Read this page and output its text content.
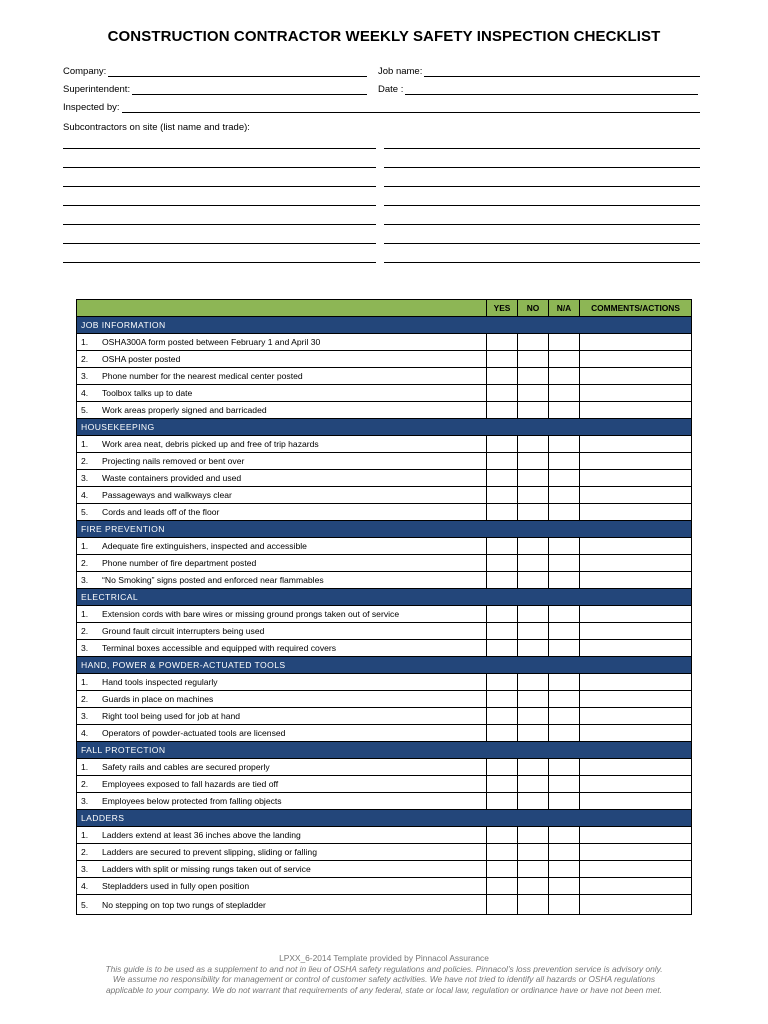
CONSTRUCTION CONTRACTOR WEEKLY SAFETY INSPECTION CHECKLIST
Company:	Job name:
Superintendent:	Date :
Inspected by:
Subcontractors on site (list name and trade):
	YES	NO	N/A	COMMENTS/ACTIONS
JOB INFORMATION				
1. OSHA300A form posted between February 1 and April 30				
2. OSHA poster posted				
3. Phone number for the nearest medical center posted				
4. Toolbox talks up to date				
5. Work areas properly signed and barricaded				
HOUSEKEEPING				
1. Work area neat, debris picked up and free of trip hazards				
2. Projecting nails removed or bent over				
3. Waste containers provided and used				
4. Passageways and walkways clear				
5. Cords and leads off of the floor				
FIRE PREVENTION				
1. Adequate fire extinguishers, inspected and accessible				
2. Phone number of fire department posted				
3. “No Smoking” signs posted and enforced near flammables				
ELECTRICAL				
1. Extension cords with bare wires or missing ground prongs taken out of service				
2. Ground fault circuit interrupters being used				
3. Terminal boxes accessible and equipped with required covers				
HAND, POWER & POWDER-ACTUATED TOOLS				
1. Hand tools inspected regularly				
2. Guards in place on machines				
3. Right tool being used for job at hand				
4. Operators of powder-actuated tools are licensed				
FALL PROTECTION				
1. Safety rails and cables are secured properly				
2. Employees exposed to fall hazards are tied off				
3. Employees below protected from falling objects				
LADDERS				
1. Ladders extend at least 36 inches above the landing				
2. Ladders are secured to prevent slipping, sliding or falling				
3. Ladders with split or missing rungs taken out of service				
4. Stepladders used in fully open position				
5. No stepping on top two rungs of stepladder				
LPXX_6-2014 Template provided by Pinnacol Assurance
This guide is to be used as a supplement to and not in lieu of OSHA safety regulations and policies. Pinnacol’s loss prevention service is advisory only.
We assume no responsibility for management or control of customer safety activities. We have not tried to identify all hazards or OSHA regulations
applicable to your company. We do not warrant that requirements of any federal, state or local law, regulation or ordinance have or have not been met.
